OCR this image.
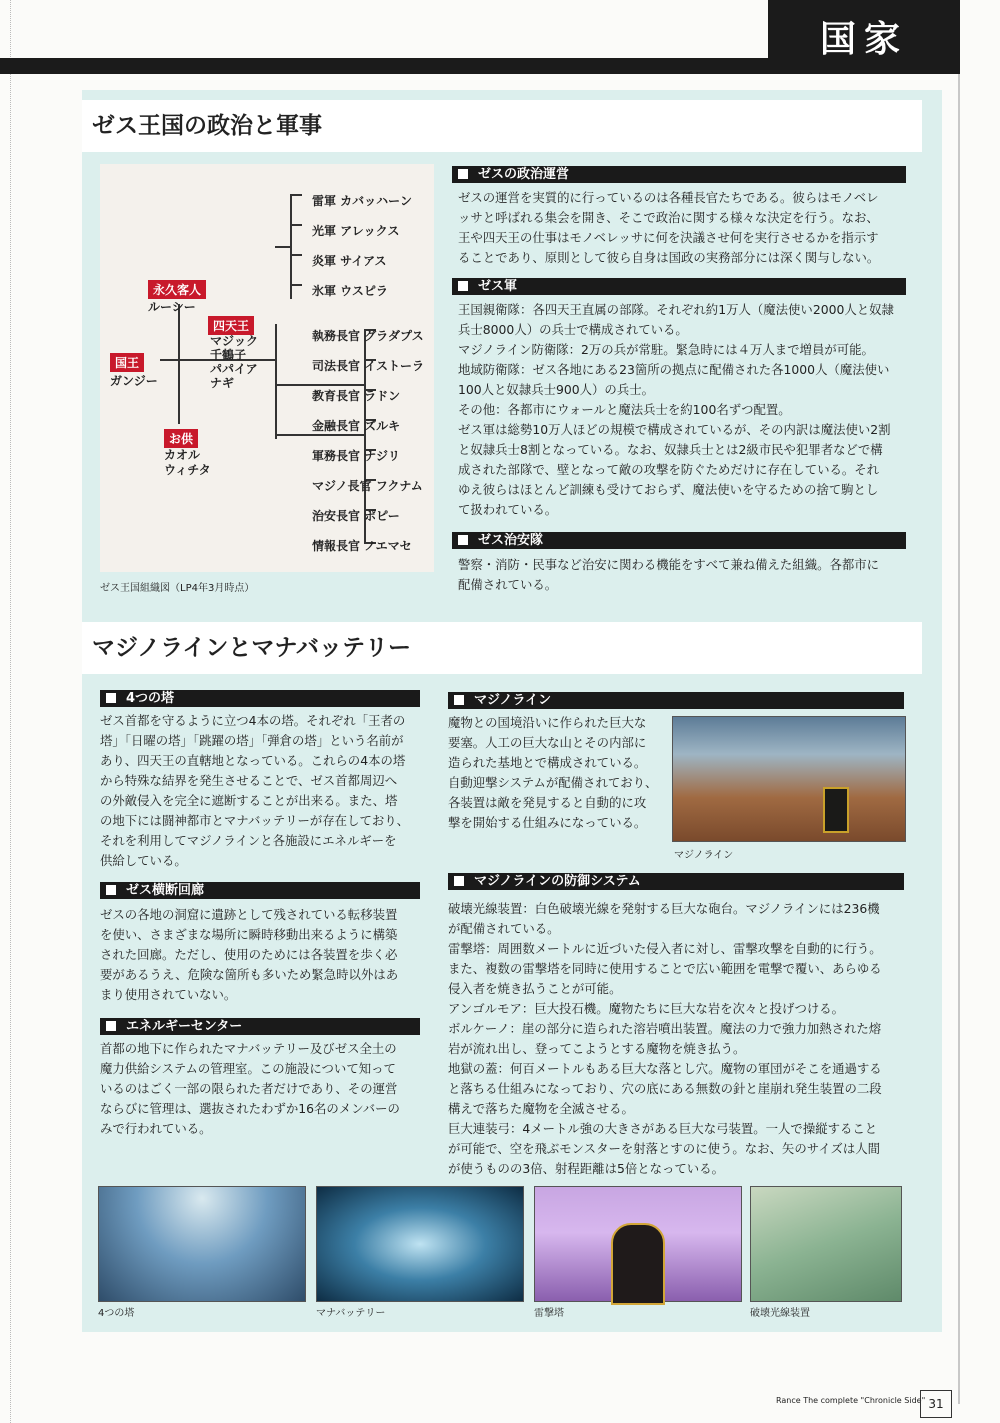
国家
ゼス王国の政治と軍事
永久客人
ルーシー
国王
ガンジー
四天王
マジック
千鶴子
パパイア
ナギ
お供
カオル
ウィチタ
雷軍 カバッハーン
光軍 アレックス
炎軍 サイアス
氷軍 ウスピラ
執務長官 グラダプス
司法長官 イストーラ
教育長官 ラドン
金融長官 ズルキ
軍務長官 ナジリ
マジノ長官 フクナム
治安長官 ポピー
情報長官 ノエマセ
ゼス王国組織図（LP4年3月時点）
ゼスの政治運営

ゼスの運営を実質的に行っているのは各種長官たちである。彼らはモノベレ

ッサと呼ばれる集会を開き、そこで政治に関する様々な決定を行う。なお、

王や四天王の仕事はモノベレッサに何を決議させ何を実行させるかを指示す

ることであり、原則として彼ら自身は国政の実務部分には深く関与しない。

ゼス軍

王国親衛隊：各四天王直属の部隊。それぞれ約1万人（魔法使い2000人と奴隷

兵士8000人）の兵士で構成されている。

マジノライン防衛隊：2万の兵が常駐。緊急時には４万人まで増員が可能。

地域防衛隊：ゼス各地にある23箇所の拠点に配備された各1000人（魔法使い

100人と奴隷兵士900人）の兵士。

その他：各都市にウォールと魔法兵士を約100名ずつ配置。

ゼス軍は総勢10万人ほどの規模で構成されているが、その内訳は魔法使い2割

と奴隷兵士8割となっている。なお、奴隷兵士とは2級市民や犯罪者などで構

成された部隊で、壁となって敵の攻撃を防ぐためだけに存在している。それ

ゆえ彼らはほとんど訓練も受けておらず、魔法使いを守るための捨て駒とし

て扱われている。

ゼス治安隊

警察・消防・民事など治安に関わる機能をすべて兼ね備えた組織。各都市に

配備されている。

マジノラインとマナバッテリー
4つの塔

ゼス首都を守るように立つ4本の塔。それぞれ「王者の

塔」「日曜の塔」「跳躍の塔」「弾倉の塔」という名前が

あり、四天王の直轄地となっている。これらの4本の塔

から特殊な結界を発生させることで、ゼス首都周辺へ

の外敵侵入を完全に遮断することが出来る。また、塔

の地下には闘神都市とマナバッテリーが存在しており、

それを利用してマジノラインと各施設にエネルギーを

供給している。

ゼス横断回廊

ゼスの各地の洞窟に遺跡として残されている転移装置

を使い、さまざまな場所に瞬時移動出来るように構築

された回廊。ただし、使用のためには各装置を歩く必

要があるうえ、危険な箇所も多いため緊急時以外はあ

まり使用されていない。

エネルギーセンター

首都の地下に作られたマナバッテリー及びゼス全土の

魔力供給システムの管理室。この施設について知って

いるのはごく一部の限られた者だけであり、その運営

ならびに管理は、選抜されたわずか16名のメンバーの

みで行われている。

マジノライン

魔物との国境沿いに作られた巨大な

要塞。人工の巨大な山とその内部に

造られた基地とで構成されている。

自動迎撃システムが配備されており、

各装置は敵を発見すると自動的に攻

撃を開始する仕組みになっている。

マジノライン
マジノラインの防御システム

破壊光線装置：白色破壊光線を発射する巨大な砲台。マジノラインには236機

が配備されている。

雷撃塔：周囲数メートルに近づいた侵入者に対し、雷撃攻撃を自動的に行う。

また、複数の雷撃塔を同時に使用することで広い範囲を電撃で覆い、あらゆる

侵入者を焼き払うことが可能。

アンゴルモア：巨大投石機。魔物たちに巨大な岩を次々と投げつける。

ボルケーノ：崖の部分に造られた溶岩噴出装置。魔法の力で強力加熱された熔

岩が流れ出し、登ってこようとする魔物を焼き払う。

地獄の蓋：何百メートルもある巨大な落とし穴。魔物の軍団がそこを通過する

と落ちる仕組みになっており、穴の底にある無数の針と崖崩れ発生装置の二段

構えで落ちた魔物を全滅させる。

巨大連装弓：4メートル強の大きさがある巨大な弓装置。一人で操縦すること

が可能で、空を飛ぶモンスターを射落とすのに使う。なお、矢のサイズは人間

が使うものの3倍、射程距離は5倍となっている。

4つの塔	マナバッテリー	雷撃塔	破壊光線装置
Rance The complete "Chronicle Side" 31
